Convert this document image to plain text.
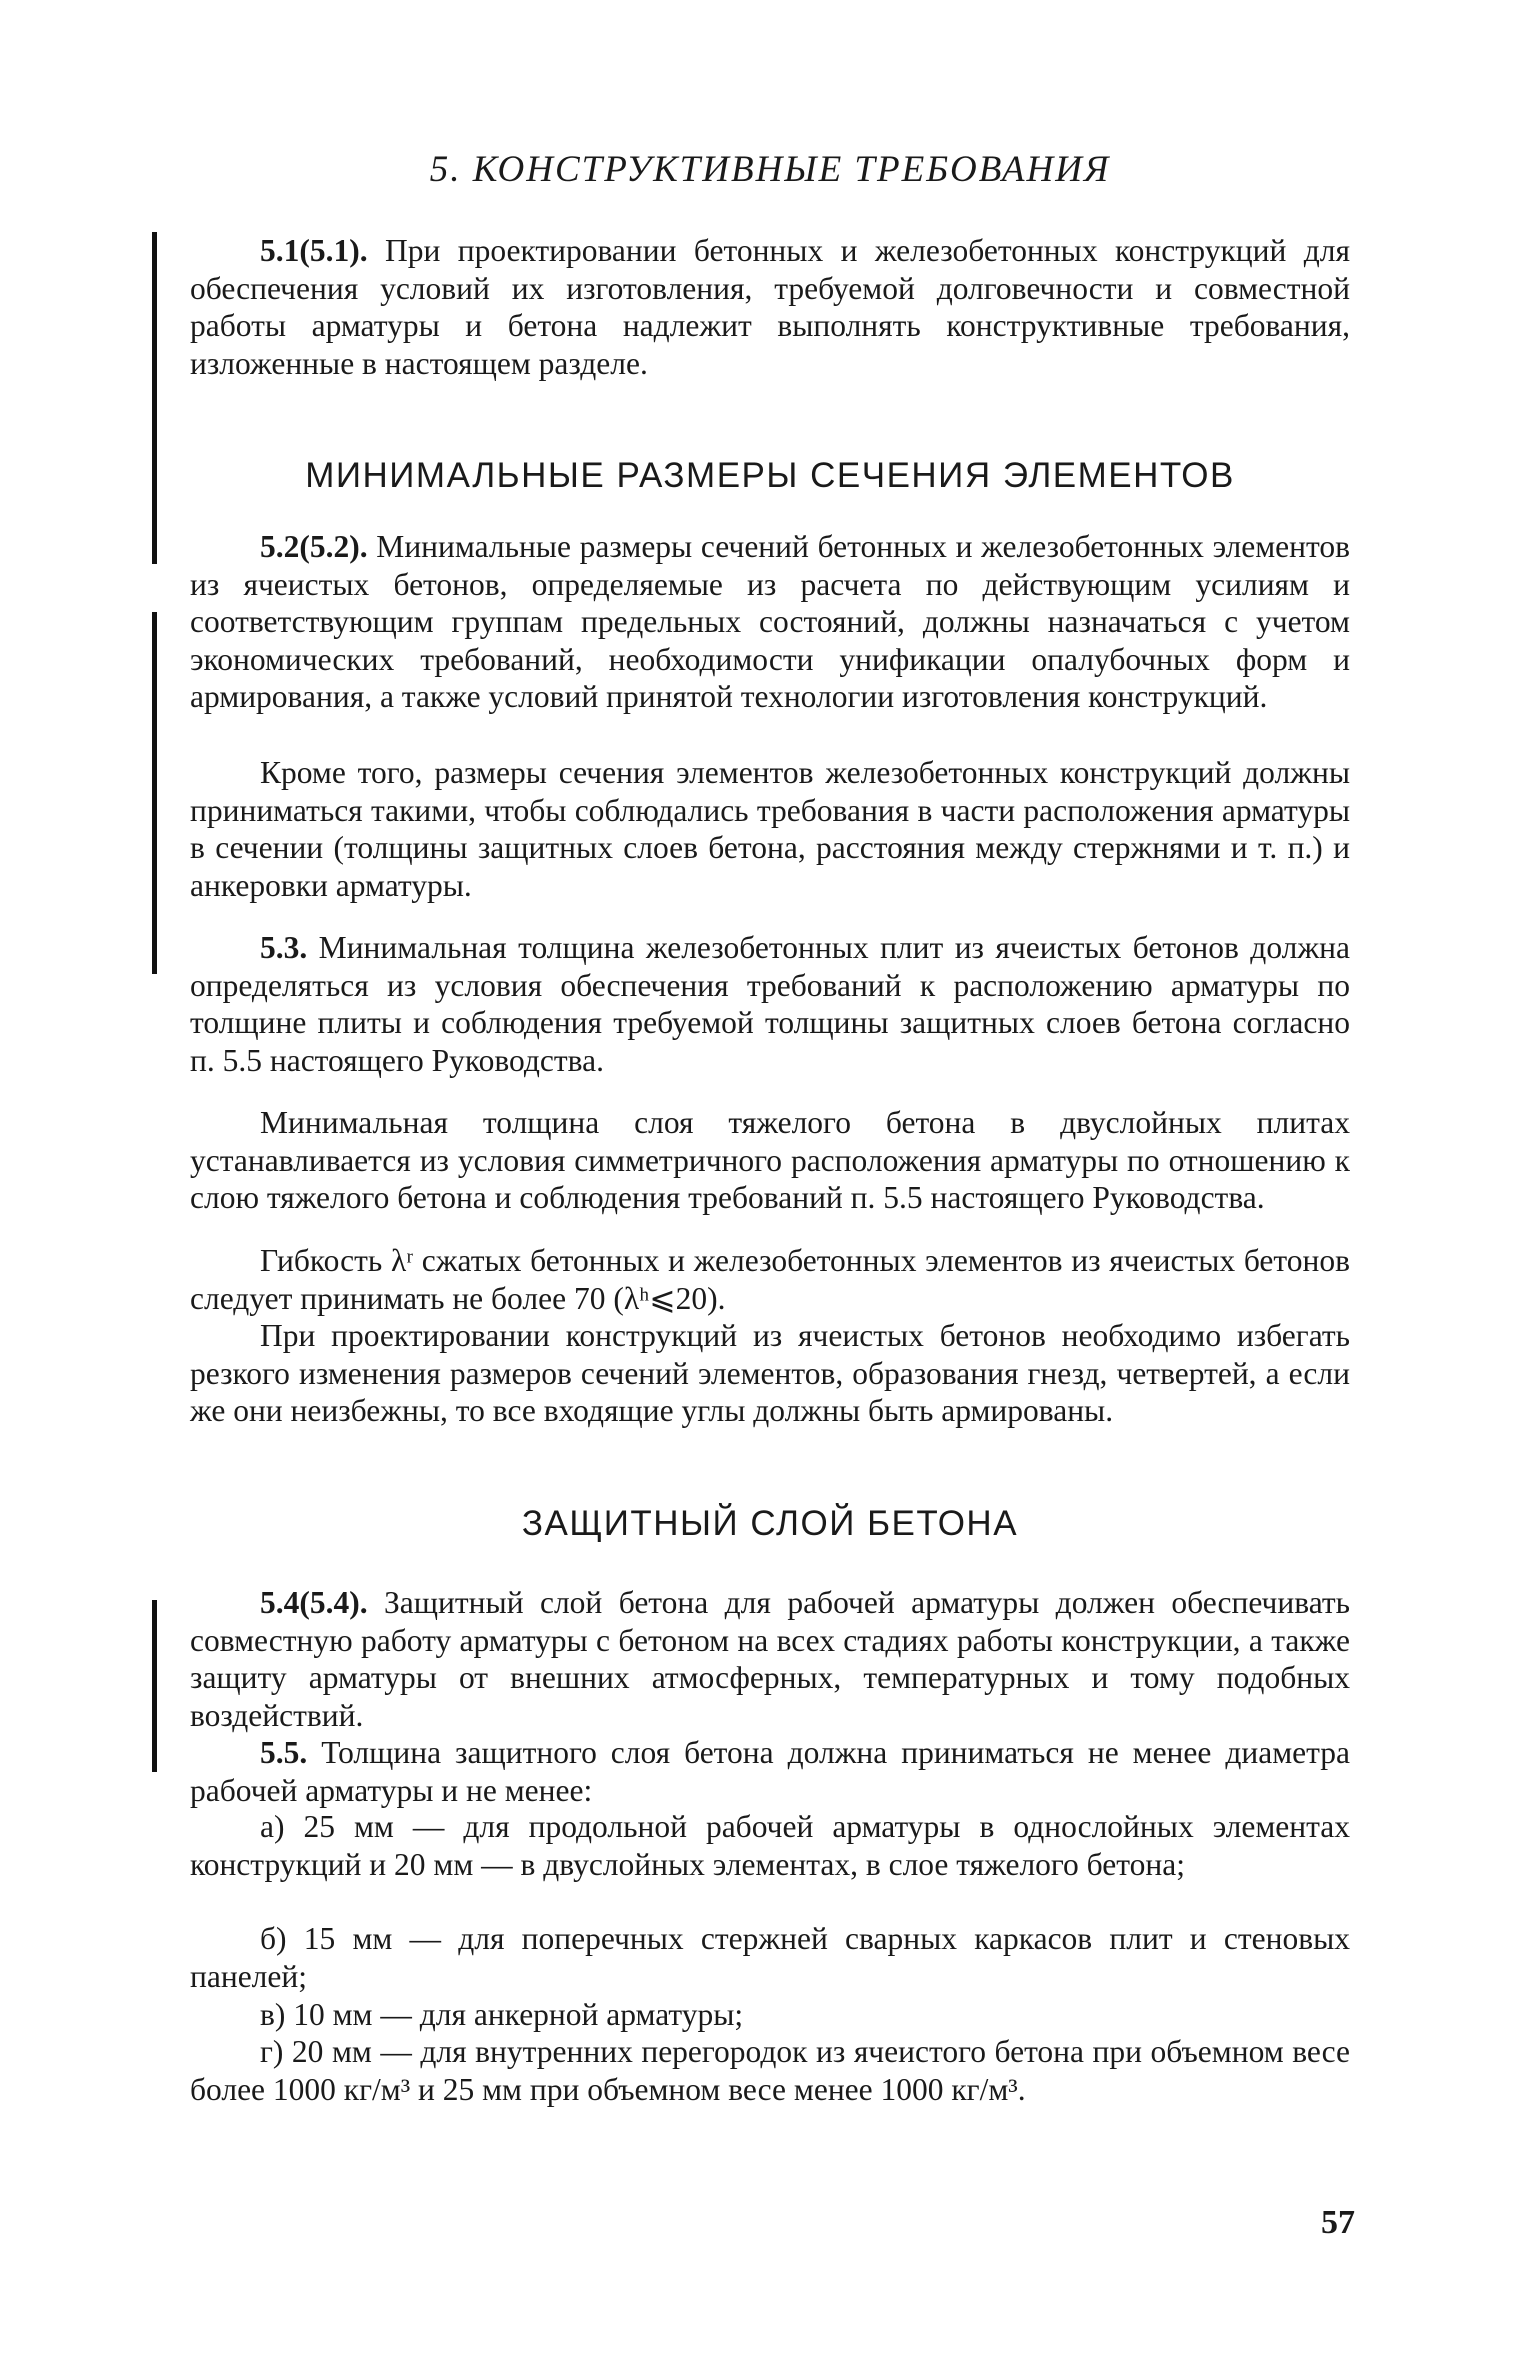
5. КОНСТРУКТИВНЫЕ ТРЕБОВАНИЯ

5.1(5.1). При проектировании бетонных и железобетонных конструкций для обеспечения условий их изготовления, требуемой долговечности и совместной работы арматуры и бетона надлежит выполнять конструктивные требования, изложенные в настоящем разделе.

МИНИМАЛЬНЫЕ РАЗМЕРЫ СЕЧЕНИЯ ЭЛЕМЕНТОВ

5.2(5.2). Минимальные размеры сечений бетонных и железобетонных элементов из ячеистых бетонов, определяемые из расчета по действующим усилиям и соответствующим группам предельных состояний, должны назначаться с учетом экономических требований, необходимости унификации опалубочных форм и армирования, а также условий принятой технологии изготовления конструкций.

Кроме того, размеры сечения элементов железобетонных конструкций должны приниматься такими, чтобы соблюдались требования в части расположения арматуры в сечении (толщины защитных слоев бетона, расстояния между стержнями и т. п.) и анкеровки арматуры.

5.3. Минимальная толщина железобетонных плит из ячеистых бетонов должна определяться из условия обеспечения требований к расположению арматуры по толщине плиты и соблюдения требуемой толщины защитных слоев бетона согласно п. 5.5 настоящего Руководства.

Минимальная толщина слоя тяжелого бетона в двуслойных плитах устанавливается из условия симметричного расположения арматуры по отношению к слою тяжелого бетона и соблюдения требований п. 5.5 настоящего Руководства.

Гибкость λʳ сжатых бетонных и железобетонных элементов из ячеистых бетонов следует принимать не более 70 (λʰ⩽20).

При проектировании конструкций из ячеистых бетонов необходимо избегать резкого изменения размеров сечений элементов, образования гнезд, четвертей, а если же они неизбежны, то все входящие углы должны быть армированы.

ЗАЩИТНЫЙ СЛОЙ БЕТОНА

5.4(5.4). Защитный слой бетона для рабочей арматуры должен обеспечивать совместную работу арматуры с бетоном на всех стадиях работы конструкции, а также защиту арматуры от внешних атмосферных, температурных и тому подобных воздействий.

5.5. Толщина защитного слоя бетона должна приниматься не менее диаметра рабочей арматуры и не менее:

а) 25 мм — для продольной рабочей арматуры в однослойных элементах конструкций и 20 мм — в двуслойных элементах, в слое тяжелого бетона;

б) 15 мм — для поперечных стержней сварных каркасов плит и стеновых панелей;

в) 10 мм — для анкерной арматуры;

г) 20 мм — для внутренних перегородок из ячеистого бетона при объемном весе более 1000 кг/м³ и 25 мм при объемном весе менее 1000 кг/м³.

57
